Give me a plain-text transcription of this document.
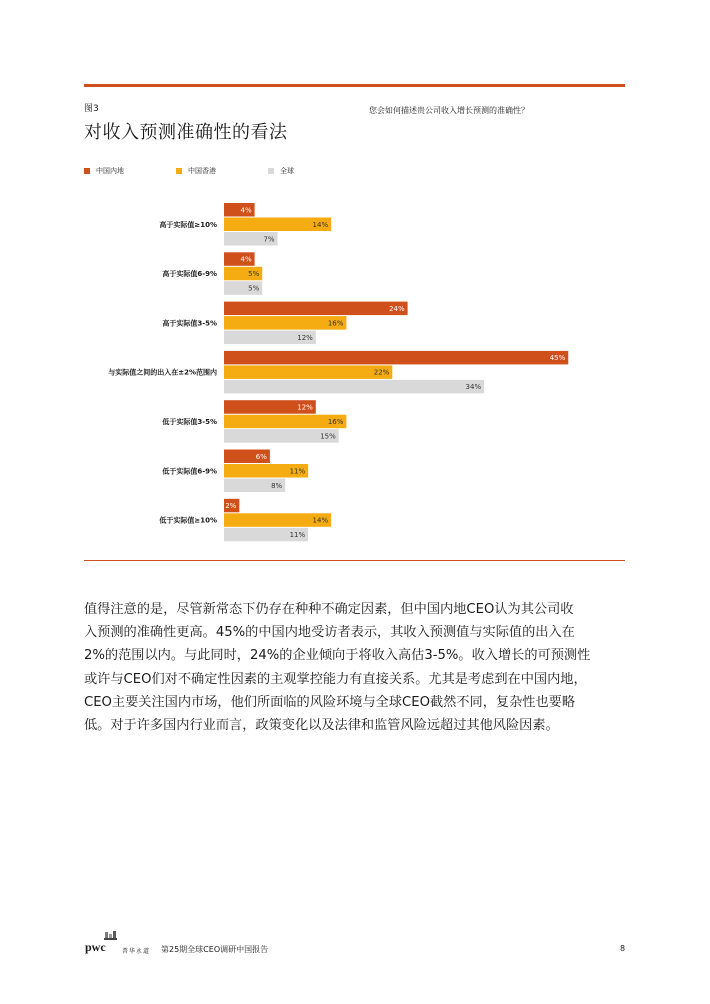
图3
对收入预测准确性的看法
您会如何描述贵公司收入增长预测的准确性？
中国内地	中国香港	全球
高于实际值≥10%
4%
14%
7%
高于实际值6-9%
4%
5%
5%
高于实际值3-5%
24%
16%
12%
与实际值之间的出入在±2%范围内
45%
22%
34%
低于实际值3-5%
12%
16%
15%
低于实际值6-9%
6%
11%
8%
低于实际值≥10%
2%
14%
11%
值得注意的是，尽管新常态下仍存在种种不确定因素，但中国内地CEO认为其公司收
入预测的准确性更高。45%的中国内地受访者表示，其收入预测值与实际值的出入在
2%的范围以内。与此同时，24%的企业倾向于将收入高估3-5%。收入增长的可预测性
或许与CEO们对不确定性因素的主观掌控能力有直接关系。尤其是考虑到在中国内地，
CEO主要关注国内市场，他们所面临的风险环境与全球CEO截然不同，复杂性也要略
低。对于许多国内行业而言，政策变化以及法律和监管风险远超过其他风险因素。
pwc	普华永道 第25期全球CEO调研中国报告	8
